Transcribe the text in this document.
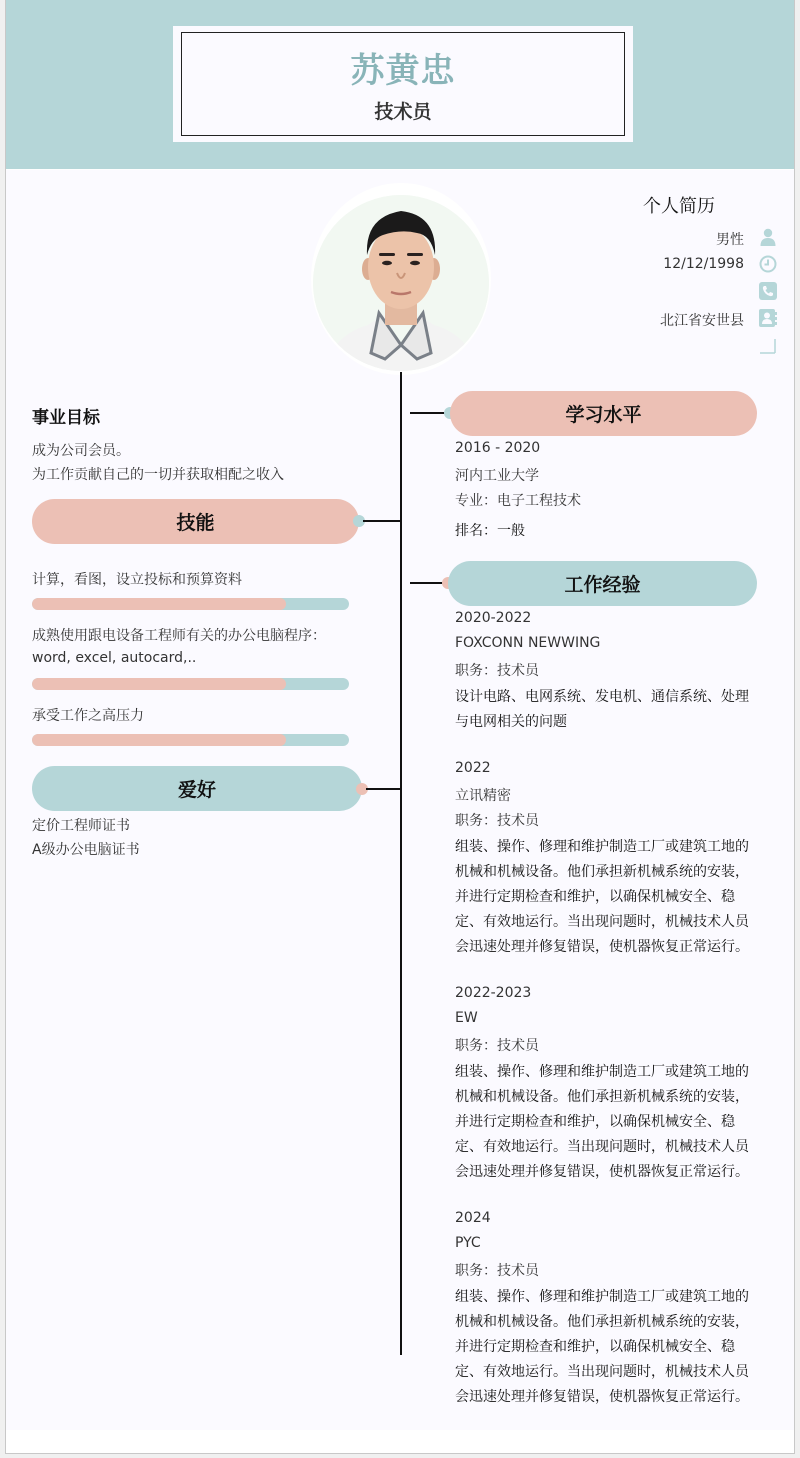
苏黄忠
技术员
个人简历
男性
12/12/1998
北江省安世县
事业目标
成为公司会员。
为工作贡献自己的一切并获取相配之收入
技能
计算，看图，设立投标和预算资料
成熟使用跟电设备工程师有关的办公电脑程序：
word, excel, autocard,..
承受工作之高压力
爱好
定价工程师证书
A级办公电脑证书
学习水平
2016 - 2020
河内工业大学
专业：电子工程技术
排名：一般
工作经验
2020-2022
FOXCONN NEWWING
职务：技术员
设计电路、电网系统、发电机、通信系统、处理与电网相关的问题
2022
立讯精密
职务：技术员
组装、操作、修理和维护制造工厂或建筑工地的机械和机械设备。他们承担新机械系统的安装，并进行定期检查和维护，以确保机械安全、稳定、有效地运行。当出现问题时，机械技术人员会迅速处理并修复错误，使机器恢复正常运行。
2022-2023
EW
职务：技术员
组装、操作、修理和维护制造工厂或建筑工地的机械和机械设备。他们承担新机械系统的安装，并进行定期检查和维护，以确保机械安全、稳定、有效地运行。当出现问题时，机械技术人员会迅速处理并修复错误，使机器恢复正常运行。
2024
PYC
职务：技术员
组装、操作、修理和维护制造工厂或建筑工地的机械和机械设备。他们承担新机械系统的安装，并进行定期检查和维护，以确保机械安全、稳定、有效地运行。当出现问题时，机械技术人员会迅速处理并修复错误，使机器恢复正常运行。
